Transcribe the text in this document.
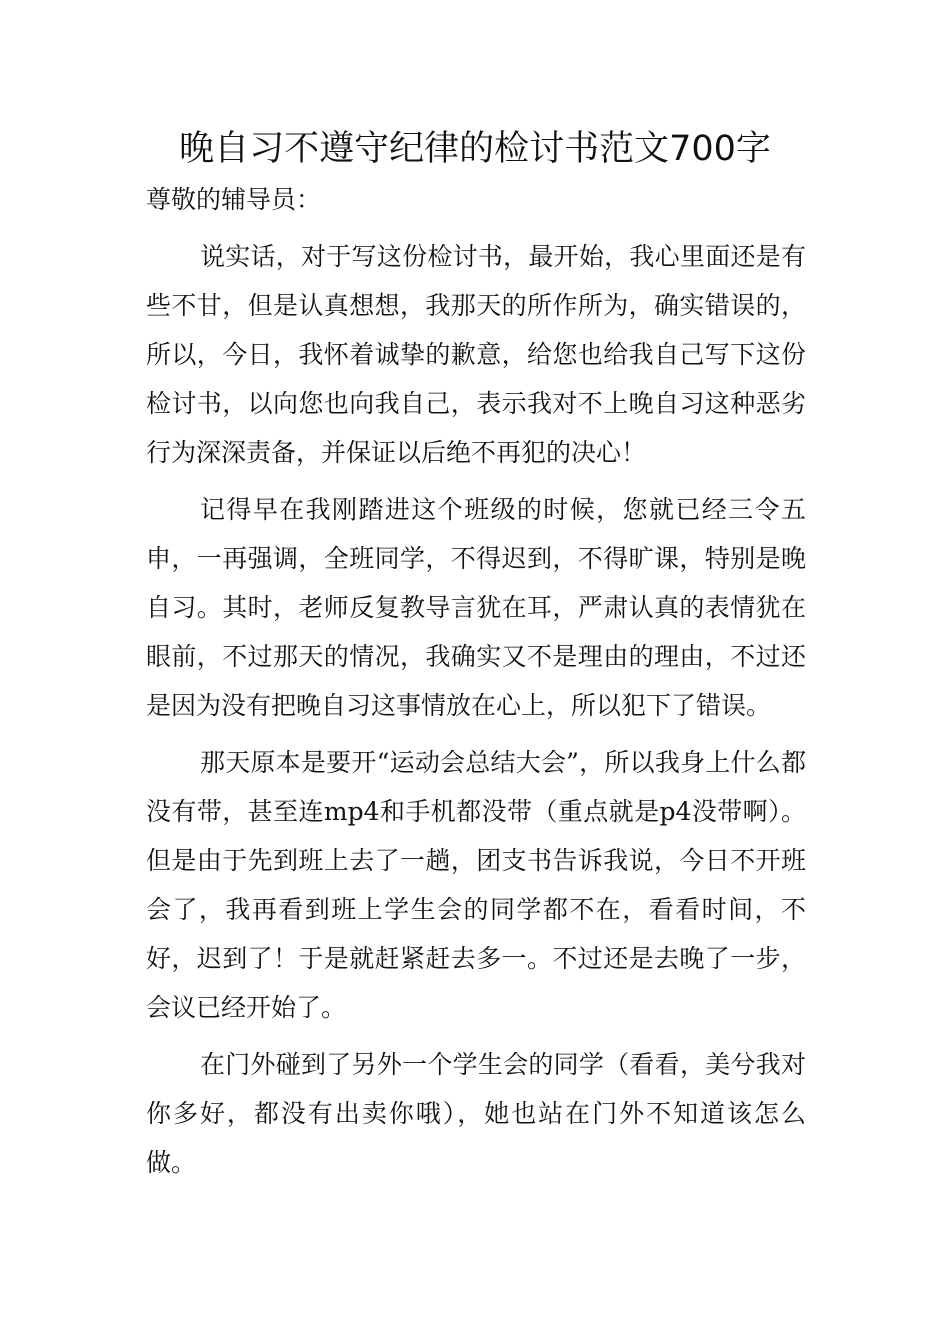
晚自习不遵守纪律的检讨书范文700字

尊敬的辅导员：

说实话，对于写这份检讨书，最开始，我心里面还是有些不甘，但是认真想想，我那天的所作所为，确实错误的，所以，今日，我怀着诚挚的歉意，给您也给我自己写下这份检讨书，以向您也向我自己，表示我对不上晚自习这种恶劣行为深深责备，并保证以后绝不再犯的决心！

记得早在我刚踏进这个班级的时候，您就已经三令五申，一再强调，全班同学，不得迟到，不得旷课，特别是晚自习。其时，老师反复教导言犹在耳，严肃认真的表情犹在眼前，不过那天的情况，我确实又不是理由的理由，不过还是因为没有把晚自习这事情放在心上，所以犯下了错误。

那天原本是要开“运动会总结大会”，所以我身上什么都没有带，甚至连mp4和手机都没带（重点就是p4没带啊）。但是由于先到班上去了一趟，团支书告诉我说，今日不开班会了，我再看到班上学生会的同学都不在，看看时间，不好，迟到了！于是就赶紧赶去多一。不过还是去晚了一步，会议已经开始了。

在门外碰到了另外一个学生会的同学（看看，美兮我对你多好，都没有出卖你哦），她也站在门外不知道该怎么做。
